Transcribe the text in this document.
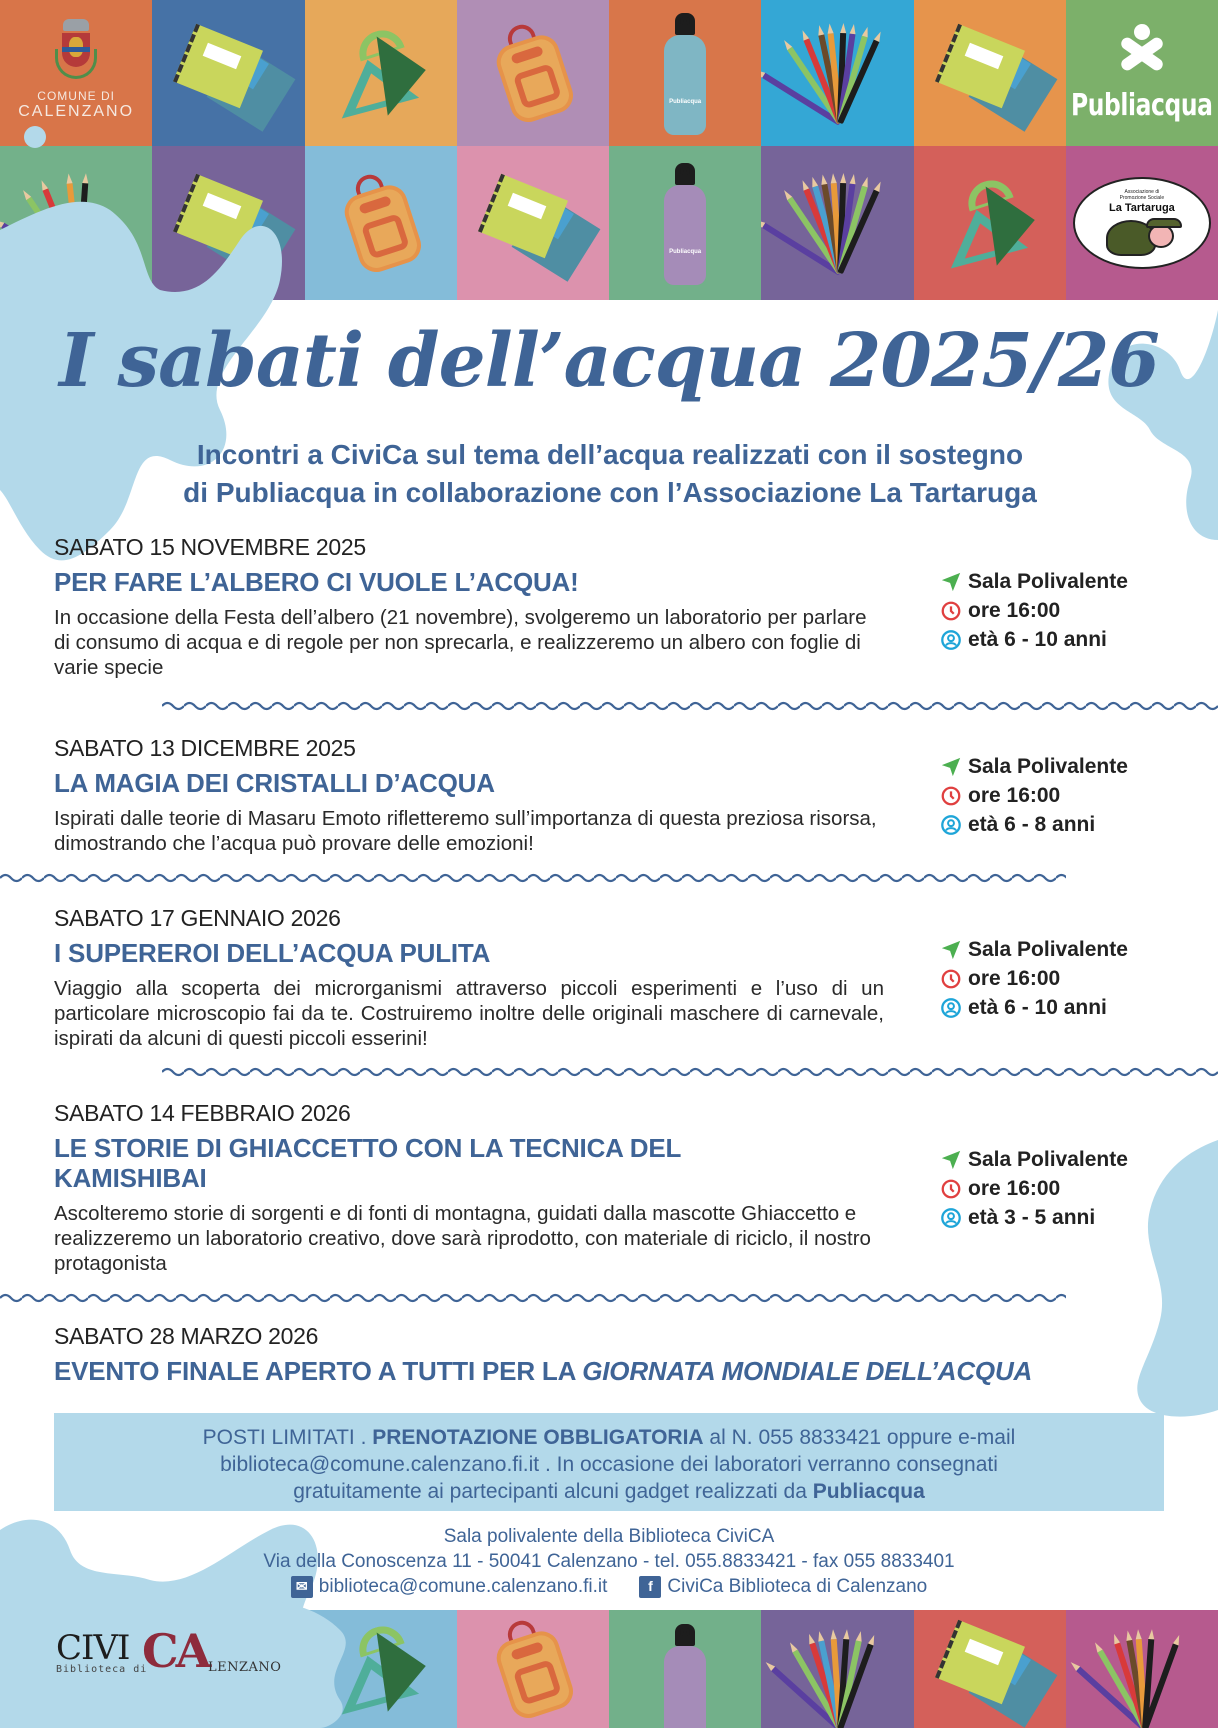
COMUNE DI
CALENZANO
Publiacqua	Publiacqua
Publiacqua
Associazione di
Promozione Sociale
La Tartaruga
I sabati dell’acqua 2025/26
Incontri a CiviCa sul tema dell’acqua realizzati con il sostegno
di Publiacqua in collaborazione con l’Associazione La Tartaruga
SABATO 15 NOVEMBRE 2025
PER FARE L’ALBERO CI VUOLE L’ACQUA!
In occasione della Festa dell’albero (21 novembre), svolgeremo un laboratorio per parlare di consumo di acqua e di regole per non sprecarla, e realizzeremo un albero con foglie di varie specie
Sala Polivalente
ore 16:00
età 6 - 10 anni
SABATO 13 DICEMBRE 2025
LA MAGIA DEI CRISTALLI D’ACQUA
Ispirati dalle teorie di Masaru Emoto rifletteremo sull’importanza di questa preziosa risorsa, dimostrando che l’acqua può provare delle emozioni!
Sala Polivalente
ore 16:00
età 6 - 8 anni
SABATO 17 GENNAIO 2026
I SUPEREROI DELL’ACQUA PULITA
Viaggio alla scoperta dei microrganismi attraverso piccoli esperimenti e l’uso di un particolare microscopio fai da te. Costruiremo inoltre delle originali maschere di carnevale, ispirati da alcuni di questi piccoli esserini!
Sala Polivalente
ore 16:00
età 6 - 10 anni
SABATO 14 FEBBRAIO 2026
LE STORIE DI GHIACCETTO CON LA TECNICA DEL KAMISHIBAI
Ascolteremo storie di sorgenti e di fonti di montagna, guidati dalla mascotte Ghiaccetto e realizzeremo un laboratorio creativo, dove sarà riprodotto, con materiale di riciclo, il nostro protagonista
Sala Polivalente
ore 16:00
età 3 - 5 anni
SABATO 28 MARZO 2026
EVENTO FINALE APERTO A TUTTI PER LA GIORNATA MONDIALE DELL’ACQUA
POSTI LIMITATI . PRENOTAZIONE OBBLIGATORIA al N. 055 8833421 oppure e-mail
biblioteca@comune.calenzano.fi.it . In occasione dei laboratori verranno consegnati
gratuitamente ai partecipanti alcuni gadget realizzati da Publiacqua
Sala polivalente della Biblioteca CiviCA
Via della Conoscenza 11 - 50041 Calenzano - tel. 055.8833421 - fax 055 8833401
✉ biblioteca@comune.calenzano.fi.it	f CiviCa Biblioteca di Calenzano
CIVI CA
Biblioteca di	LENZANO
